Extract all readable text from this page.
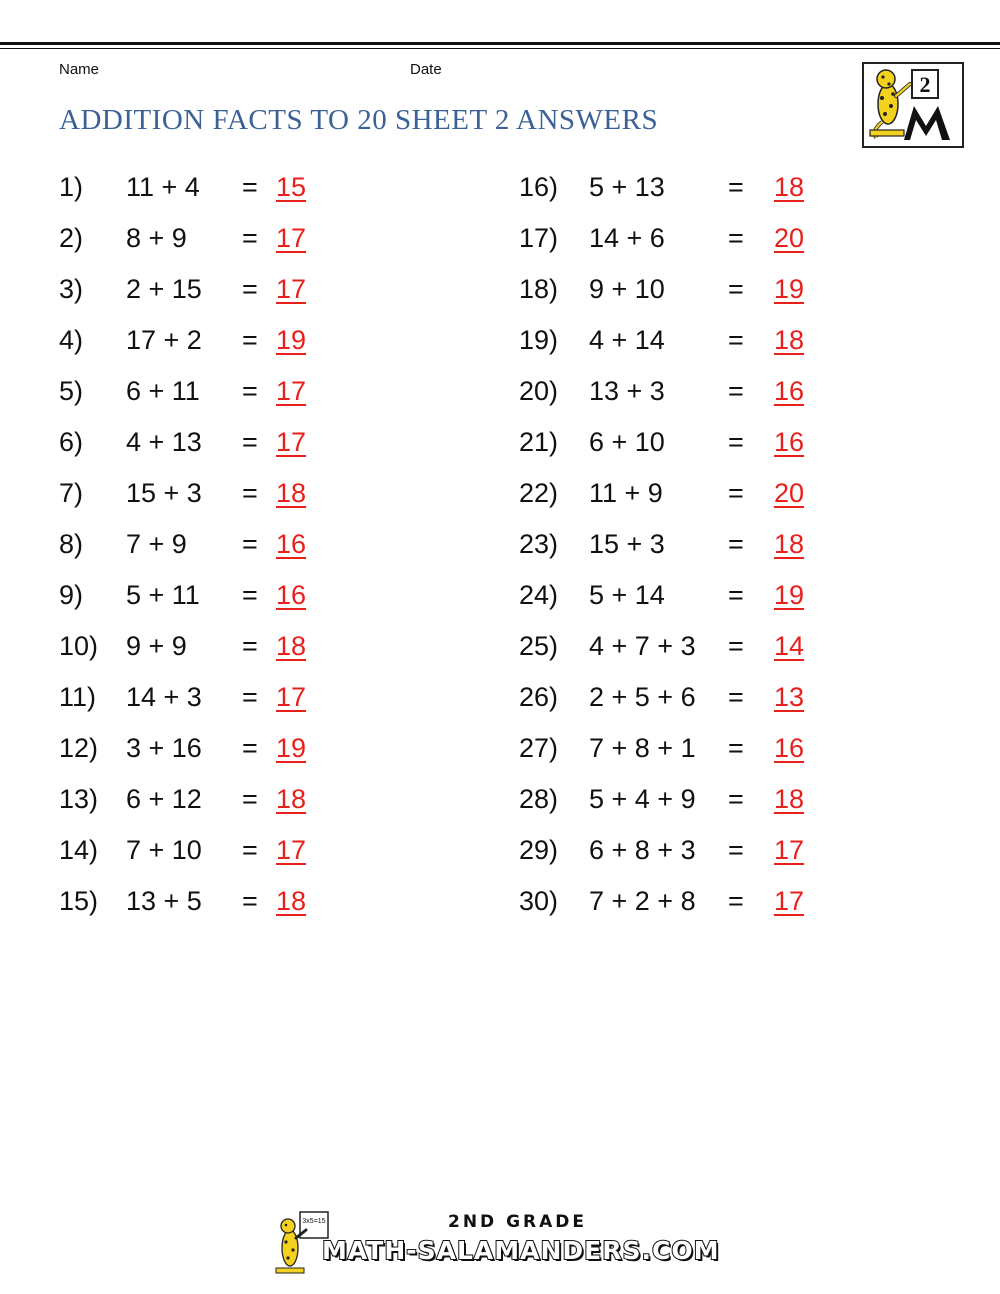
Name	Date
ADDITION FACTS TO 20 SHEET 2 ANSWERS
2
1) 11 + 4 = 15
2) 8 + 9 = 17
3) 2 + 15 = 17
4) 17 + 2 = 19
5) 6 + 11 = 17
6) 4 + 13 = 17
7) 15 + 3 = 18
8) 7 + 9 = 16
9) 5 + 11 = 16
10) 9 + 9 = 18
11) 14 + 3 = 17
12) 3 + 16 = 19
13) 6 + 12 = 18
14) 7 + 10 = 17
15) 13 + 5 = 18
16) 5 + 13 = 18
17) 14 + 6 = 20
18) 9 + 10 = 19
19) 4 + 14 = 18
20) 13 + 3 = 16
21) 6 + 10 = 16
22) 11 + 9 = 20
23) 15 + 3 = 18
24) 5 + 14 = 19
25) 4 + 7 + 3 = 14
26) 2 + 5 + 6 = 13
27) 7 + 8 + 1 = 16
28) 5 + 4 + 9 = 18
29) 6 + 8 + 3 = 17
30) 7 + 2 + 8 = 17
3x5=15	2ND GRADE
MATH-SALAMANDERS.COM
